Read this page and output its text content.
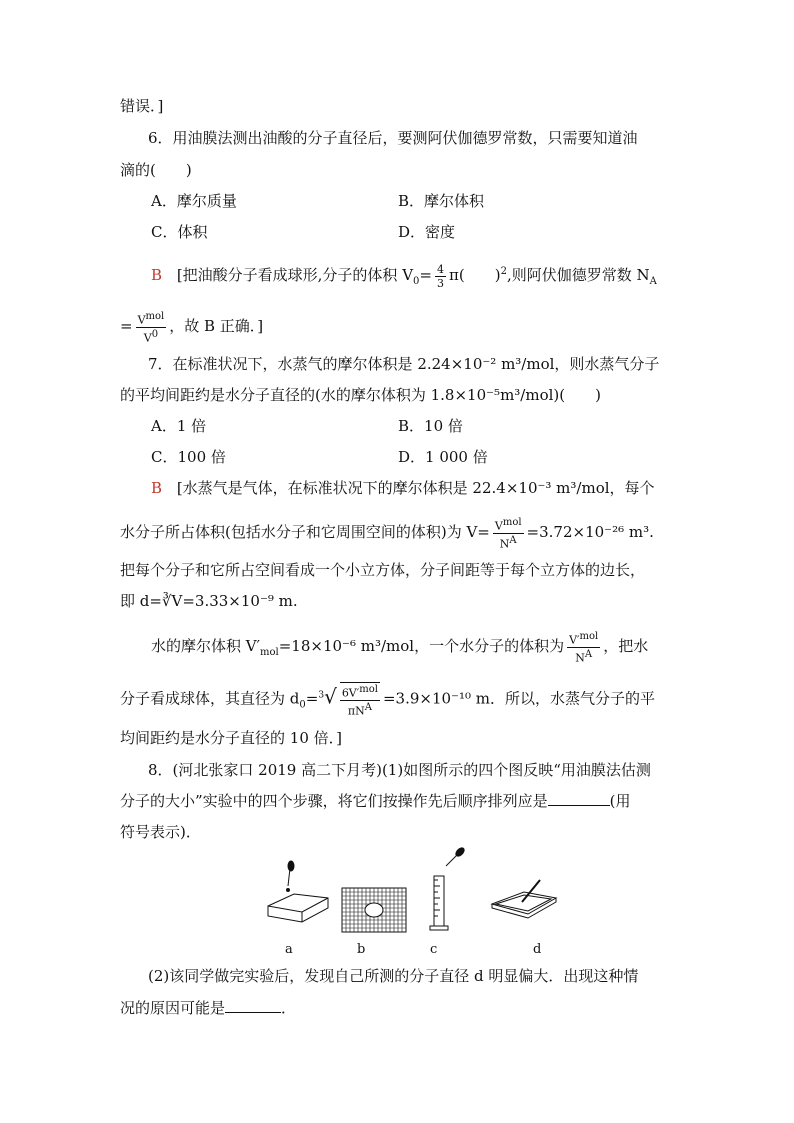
错误．]
6．用油膜法测出油酸的分子直径后，要测阿伏伽德罗常数，只需要知道油
滴的(　　)
A．摩尔质量	B．摩尔体积
C．体积	D．密度
B [把油酸分子看成球形,分子的体积 $V_0= \frac{4}{3} \pi$(　　)$^2$,则阿伏伽德罗常数 $N_A$
= $\frac{V^{mol}}{V^0}$ ，故 B 正确．]
7．在标准状况下，水蒸气的摩尔体积是 2.24×10⁻² m³/mol，则水蒸气分子
的平均间距约是水分子直径的(水的摩尔体积为 1.8×10⁻⁵m³/mol)(　　)
A．1 倍	B．10 倍
C．100 倍	D．1 000 倍
B [水蒸气是气体，在标准状况下的摩尔体积是 22.4×10⁻³ m³/mol，每个
水分子所占体积(包括水分子和它周围空间的体积)为 $V= \frac{V^{mol}}{N^A} =3.72\times 10^{-26}$ m³.
把每个分子和它所占空间看成一个小立方体，分子间距等于每个立方体的边长，
即 d=∛V=3.33×10⁻⁹ m.
水的摩尔体积 $V'_{mol}=18\times 10^{-6}$ m³/mol，一个水分子的体积为 $\frac{V'^{mol}}{N^A}$ ，把水
分子看成球体，其直径为 $d_0=^3√ \frac{6V'^{mol}}{\pi N^A} =3.9\times 10^{-10}$ m．所以，水蒸气分子的平
均间距约是水分子直径的 10 倍．]
8．(河北张家口 2019 高二下月考)(1)如图所示的四个图反映“用油膜法估测
分子的大小”实验中的四个步骤，将它们按操作先后顺序排列应是	(用
符号表示)．
a	b	c	d
(2)该同学做完实验后，发现自己所测的分子直径 d 明显偏大．出现这种情
况的原因可能是	．
